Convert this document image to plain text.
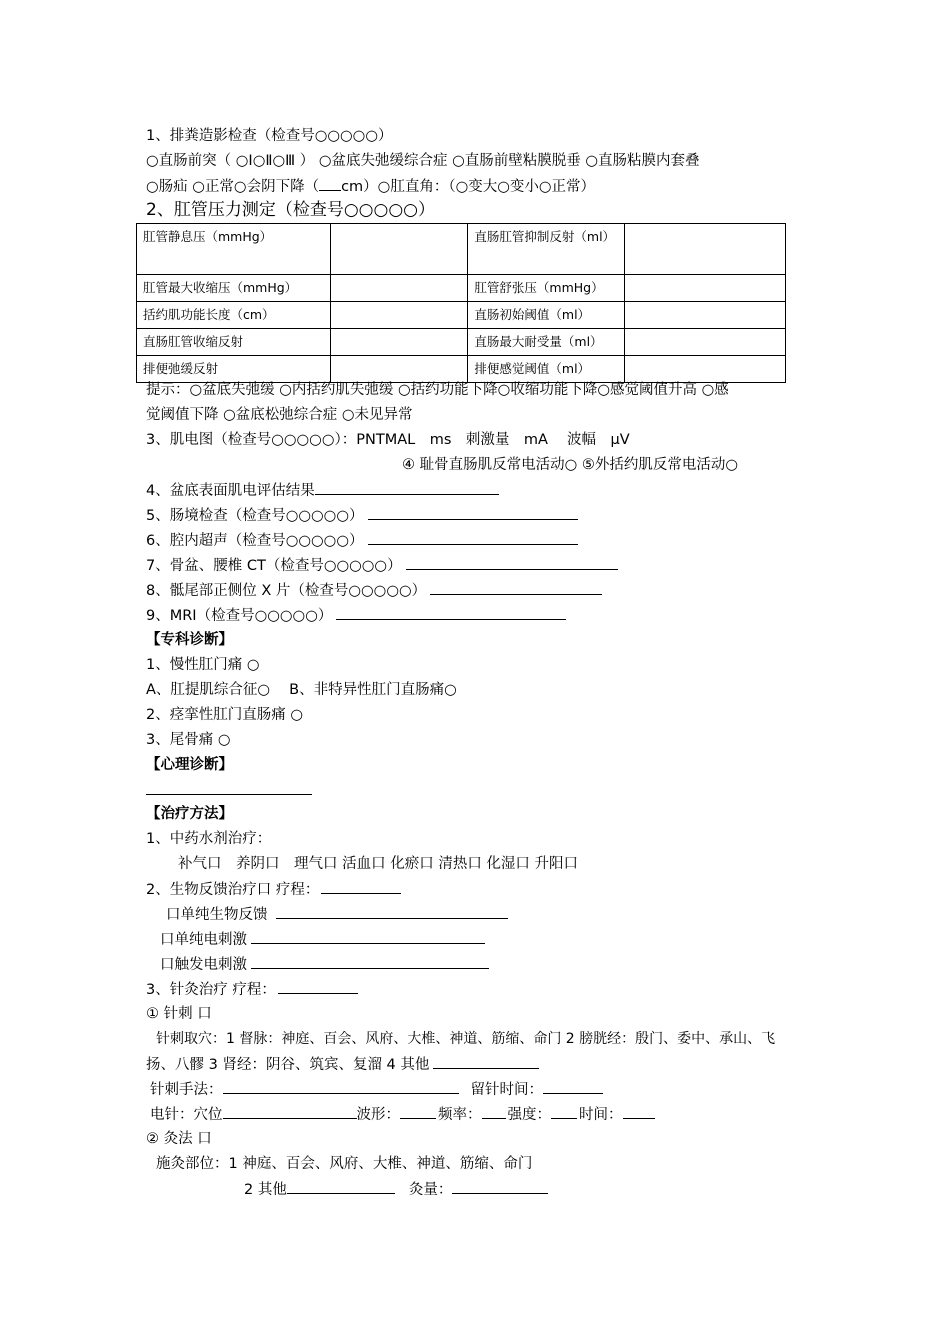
1、排粪造影检查（检查号○○○○○）
○直肠前突（ ○Ⅰ○Ⅱ○Ⅲ ） ○盆底失弛缓综合症 ○直肠前壁粘膜脱垂 ○直肠粘膜内套叠
○肠疝 ○正常○会阴下降（ cm）○肛直角：（○变大○变小○正常）
2、肛管压力测定（检查号○○○○○）
肛管静息压（mmHg）		直肠肛管抑制反射（ml）	
肛管最大收缩压（mmHg）		肛管舒张压（mmHg）	
括约肌功能长度（cm）		直肠初始阈值（ml）	
直肠肛管收缩反射		直肠最大耐受量（ml）	
排便弛缓反射		排便感觉阈值（ml）	
提示：○盆底失弛缓 ○内括约肌失弛缓 ○括约功能下降○收缩功能下降○感觉阈值升高 ○感
觉阈值下降 ○盆底松弛综合症 ○未见异常
3、肌电图（检查号○○○○○）：PNTMAL　ms　刺激量　mA　 波幅　μV
④ 耻骨直肠肌反常电活动○ ⑤外括约肌反常电活动○
4、盆底表面肌电评估结果
5、肠境检查（检查号○○○○○）
6、腔内超声（检查号○○○○○）
7、骨盆、腰椎 CT（检查号○○○○○）
8、骶尾部正侧位 X 片（检查号○○○○○）
9、MRI（检查号○○○○○）
【专科诊断】
1、慢性肛门痛 ○
A、肛提肌综合征○　 B、非特异性肛门直肠痛○
2、痉挛性肛门直肠痛 ○
3、尾骨痛 ○
【心理诊断】
【治疗方法】
1、中药水剂治疗：
补气口　养阴口　理气口 活血口 化瘀口 清热口 化湿口 升阳口
2、生物反馈治疗口 疗程：
口单纯生物反馈
口单纯电刺激
口触发电刺激
3、针灸治疗 疗程：
① 针刺 口
针刺取穴：1 督脉：神庭、百会、风府、大椎、神道、筋缩、命门 2 膀胱经：殷门、委中、承山、飞
扬、八髎 3 肾经：阴谷、筑宾、复溜 4 其他
针刺手法：	留针时间：
电针：穴位	波形：	频率： 强度： 时间：
② 灸法 口
施灸部位：1 神庭、百会、风府、大椎、神道、筋缩、命门
2 其他	灸量：
